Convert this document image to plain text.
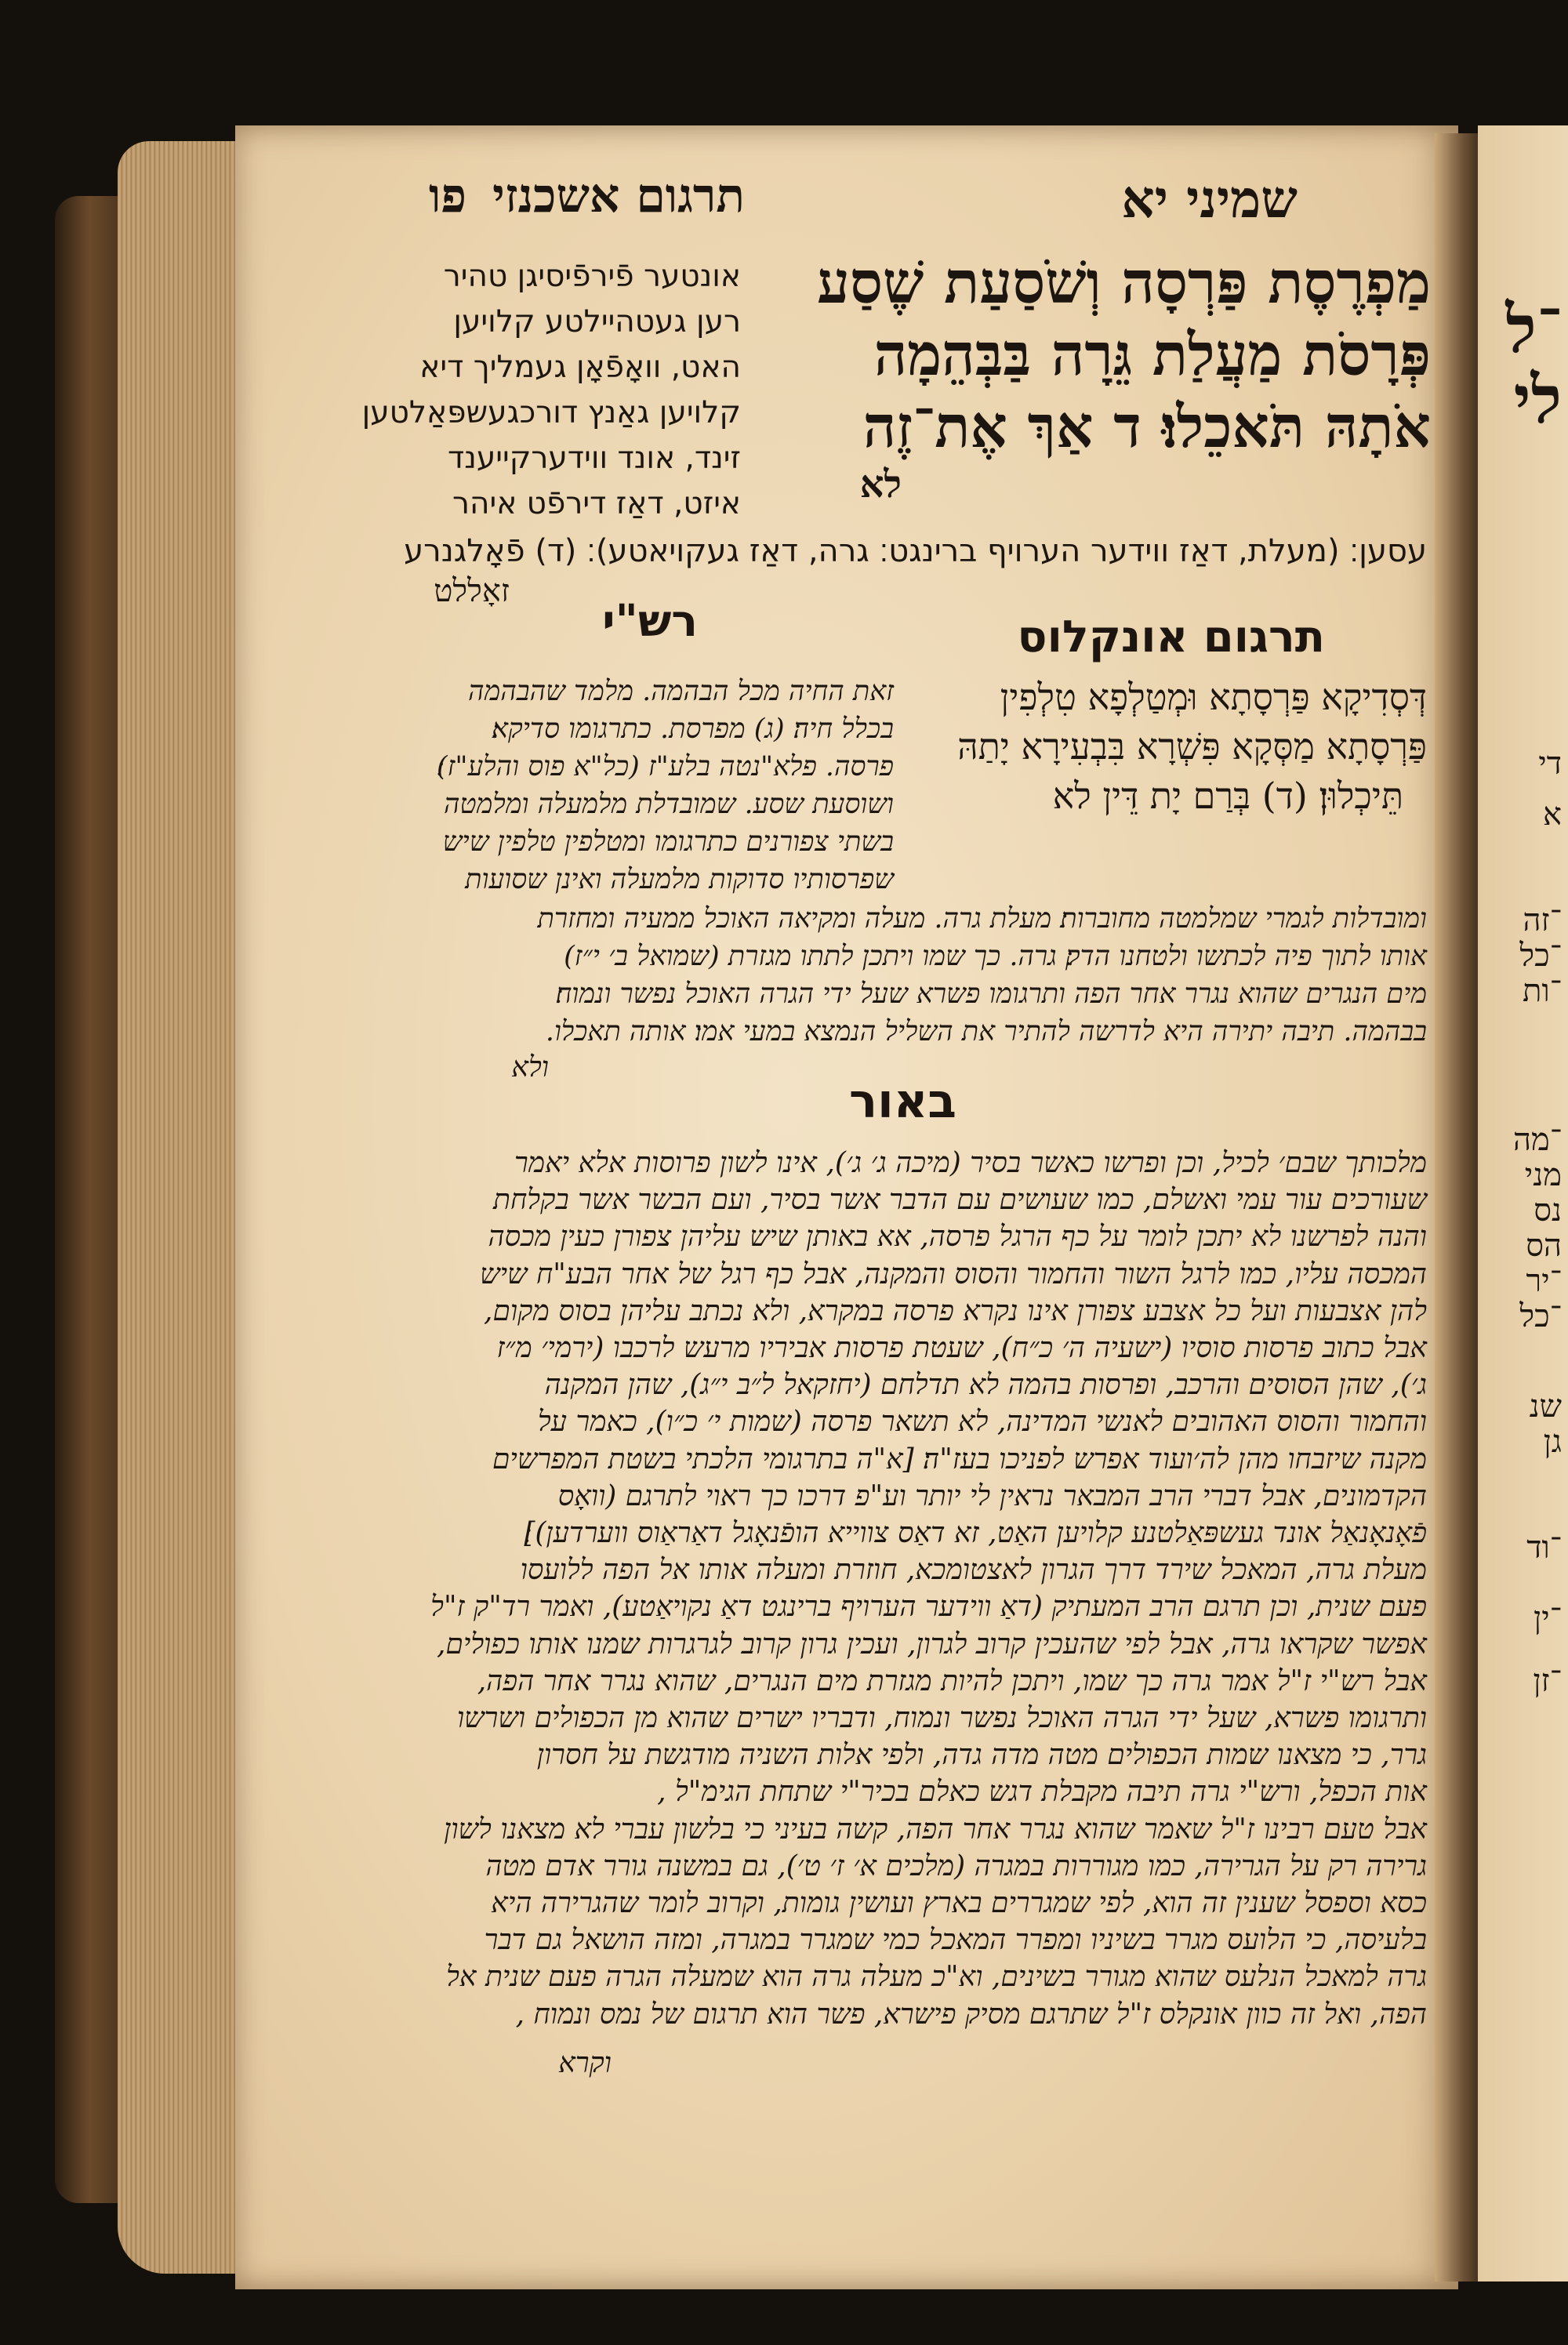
־ל
לי
די
א
־זה
־כל
־ות
־מה
מני
נס
הס
־יר
־כל
שנ
גן
־וד
־ין
־זן
תרגום אשכנזי
פו	שמיני יא
מַפְרֶסֶת פַּרְסָה וְשֹׁסַעַת שֶׁסַע
פְּרָסֹת מַעֲלַת גֵּרָה בַּבְּהֵמָה
אֹתָהּ תֹּאכֵלוּ׃ ד אַךְ אֶת־זֶה
לא
אונטער פֿירפֿיסיגן טהיר
רען געטהיילטע קלויען
האט, וואָפֿאָן געמליך דיא
קלויען גאַנץ דורכגעשפּאַלטען
זינד, אונד ווידערקייענד
איזט, דאַז דירפֿט איהר
עסען׃ (מעלת, דאַז ווידער הערויף ברינגט׃ גרה, דאַז געקויאטע)׃ (ד) פֿאָלגנרע
זאָללט
תרגום אונקלוס
דְּסְדִיקָא פַּרְסָתָא וּמְטַלְפָא טִלְפִין
פַּרְסָתָא מַסְּקָא פִּשְׁרָא בִּבְעִירָא יָתַהּ
תֵּיכְלוּן׃ (ד) בְּרַם יָת דֵּין לא
רש"י
זאת החיה מכל הבהמה. מלמד שהבהמה
בכלל חיה׃ (ג) מפרסת. כתרגומו סדיקא׃
פרסה. פלא"נטה בלע"ז (כל"א פוס והלע"ז)׃
ושוסעת שסע. שמובדלת מלמעלה ומלמטה
בשתי צפורנים כתרגומו ומטלפין טלפין שיש
שפרסותיו סדוקות מלמעלה ואינן שסועות
ומובדלות לגמרי שמלמטה מחוברות׃ מעלת גרה. מעלה ומקיאה האוכל ממעיה ומחזרת
אותו לתוך פיה לכתשו ולטחנו הדק׃ גרה. כך שמו ויתכן לתתו מגזרת (שמואל ב׳ י״ז)
מים הנגרים שהוא נגרר אחר הפה ותרגומו פשרא שעל ידי הגרה האוכל נפשר ונמוח׃
בבהמה. תיבה יתירה היא לדרשה להתיר את השליל הנמצא במעי אמו׃ אותה תאכלו.
ולא
באור
מלכותך שבם׳ לכיל, וכן ופרשו כאשר בסיר (מיכה ג׳ ג׳), אינו לשון פרוסות אלא יאמר
שעורכים עור עמי ואשלם, כמו שעושים עם הדבר אשר בסיר, ועם הבשר אשר בקלחת
והנה לפרשנו לא יתכן לומר על כף הרגל פרסה, אא באותן שיש עליהן צפורן כעין מכסה
המכסה עליו, כמו לרגל השור והחמור והסוס והמקנה, אבל כף רגל של אחר הבע"ח שיש
להן אצבעות ועל כל אצבע צפורן אינו נקרא פרסה במקרא, ולא נכתב עליהן בסוס מקום,
אבל כתוב פרסות סוסיו (ישעיה ה׳ כ״ח), שעטת פרסות אביריו מרעש לרכבו (ירמי׳ מ״ז
ג׳), שהן הסוסים והרכב, ופרסות בהמה לא תדלחם (יחזקאל ל״ב י״ג), שהן המקנה
והחמור והסוס האהובים לאנשי המדינה, לא תשאר פרסה (שמות י׳ כ״ו), כאמר על
מקנה שיזבחו מהן לה׳ועוד אפרש לפניכו בעז"ה׃ [א"ה בתרגומי הלכתי בשטת המפרשים
הקדמונים, אבל דברי הרב המבאר נראין לי יותר וע"פ דרכו כך ראוי לתרגם (וואָס
פֿאָנאָנאַל אונד געשפּאַלטנע קלויען האַט, זא דאַס צווייא הופֿנאָגל דאַראַוס ווערדען)]׃
מעלת גרה, המאכל שירד דרך הגרון לאצטומכא, חוזרת ומעלה אותו אל הפה ללועסו
פעם שנית, וכן תרגם הרב המעתיק (דאַ ווידער הערויף ברינגט דאַ נקויאַטע), ואמר רד"ק ז"ל
אפשר שקראו גרה, אבל לפי שהעכין קרוב לגרון, ועכין גרון קרוב לגרגרות שמנו אותו כפולים,
אבל רש"י ז"ל אמר גרה כך שמו, ויתכן להיות מגזרת מים הנגרים, שהוא נגרר אחר הפה,
ותרגומו פשרא, שעל ידי הגרה האוכל נפשר ונמוח, ודבריו ישרים שהוא מן הכפולים ושרשו
גרר, כי מצאנו שמות הכפולים מטה מדה גדה, ולפי אלות השניה מודגשת על חסרון
אות הכפל, ורש"י גרה תיבה מקבלת דגש כאלם בכיר"י שתחת הגימ"ל ,
אבל טעם רבינו ז"ל שאמר שהוא נגרר אחר הפה, קשה בעיני כי בלשון עברי לא מצאנו לשון
גרירה רק על הגרירה, כמו מגוררות במגרה (מלכים א׳ ז׳ ט׳), גם במשנה גורר אדם מטה
כסא וספסל שענין זה הוא, לפי שמגררים בארץ ועושין גומות, וקרוב לומר שהגרירה היא
בלעיסה, כי הלועס מגרר בשיניו ומפרר המאכל כמי שמגרר במגרה, ומזה הושאל גם דבר
גרה למאכל הנלעס שהוא מגורר בשינים, וא"כ מעלה גרה הוא שמעלה הגרה פעם שנית אל
הפה, ואל זה כוון אונקלס ז"ל שתרגם מסיק פישרא, פשר הוא תרגום של נמס ונמוח ,
וקרא
